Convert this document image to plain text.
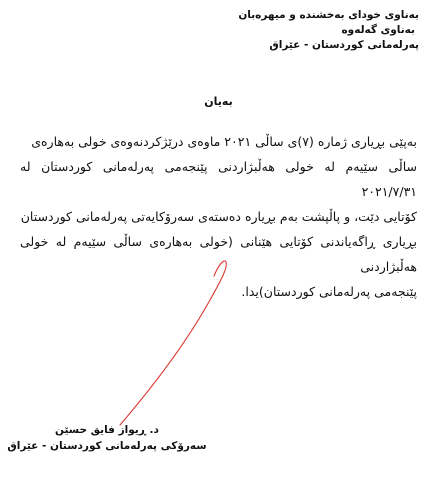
بەناوی خودای بەخشندە و میهرەبان
بەناوی گەلەوە
پەرلەمانی کوردستان - عێراق
بەیان

بەپێی بڕیاری ژمارە (٧)ی ساڵی ٢٠٢١ ماوەی درێژکردنەوەی خولی بەهارەی

ساڵی سێیەم لە خولی هەڵبژاردنی پێنجەمی پەرلەمانی کوردستان لە ٢٠٢١/٧/٣١

کۆتایی دێت، و پاڵپشت بەم بڕیارە دەستەی سەرۆکایەتی پەرلەمانی کوردستان

بڕیاری ڕاگەیاندنی کۆتایی هێنانی (خولی بەهارەی ساڵی سێیەم لە خولی هەڵبژاردنی

پێنجەمی پەرلەمانی کوردستان)یدا.

د. ڕیواز فایق حسێن
سەرۆکی پەرلەمانی کوردستان - عێراق
